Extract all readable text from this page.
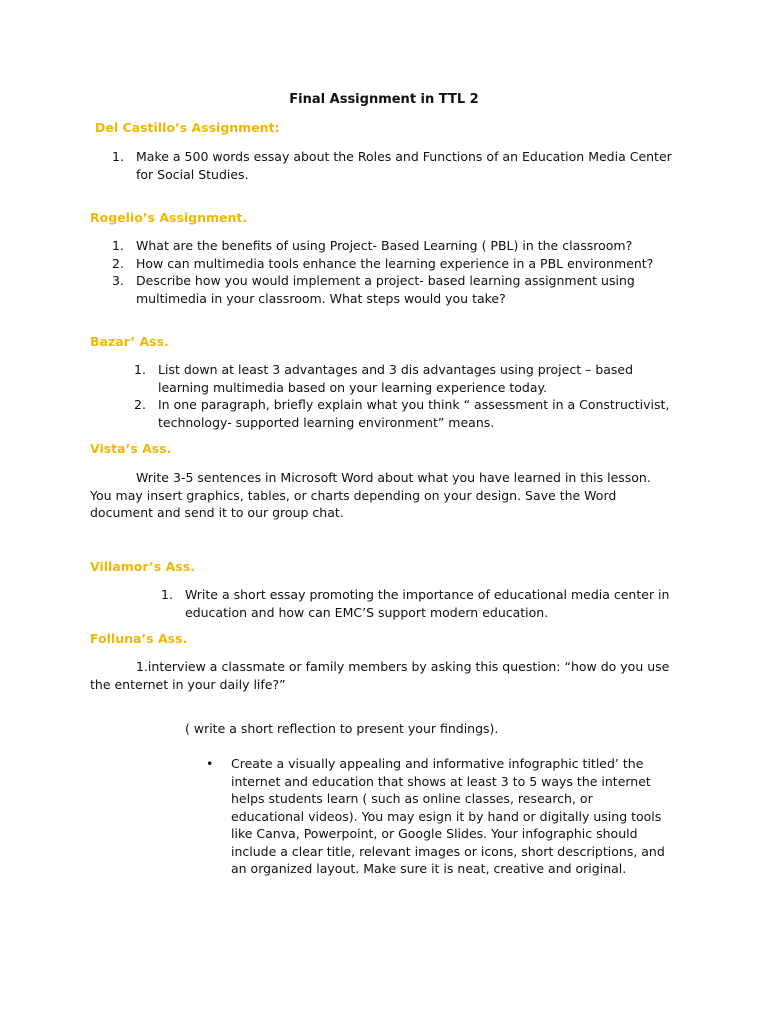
Final Assignment in TTL 2
Del Castillo’s Assignment:
1. Make a 500 words essay about the Roles and Functions of an Education Media Center
for Social Studies.
Rogelio’s Assignment.
1. What are the benefits of using Project- Based Learning ( PBL) in the classroom?
2. How can multimedia tools enhance the learning experience in a PBL environment?
3. Describe how you would implement a project- based learning assignment using
multimedia in your classroom. What steps would you take?
Bazar’ Ass.
1. List down at least 3 advantages and 3 dis advantages using project – based
learning multimedia based on your learning experience today.
2. In one paragraph, briefly explain what you think “ assessment in a Constructivist,
technology- supported learning environment” means.
Vista’s Ass.
Write 3-5 sentences in Microsoft Word about what you have learned in this lesson.
You may insert graphics, tables, or charts depending on your design. Save the Word
document and send it to our group chat.
Villamor’s Ass.
1. Write a short essay promoting the importance of educational media center in
education and how can EMC’S support modern education.
Folluna’s Ass.
1.interview a classmate or family members by asking this question: “how do you use
the enternet in your daily life?”
( write a short reflection to present your findings).
• Create a visually appealing and informative infographic titled’ the
internet and education that shows at least 3 to 5 ways the internet
helps students learn ( such as online classes, research, or
educational videos). You may esign it by hand or digitally using tools
like Canva, Powerpoint, or Google Slides. Your infographic should
include a clear title, relevant images or icons, short descriptions, and
an organized layout. Make sure it is neat, creative and original.
